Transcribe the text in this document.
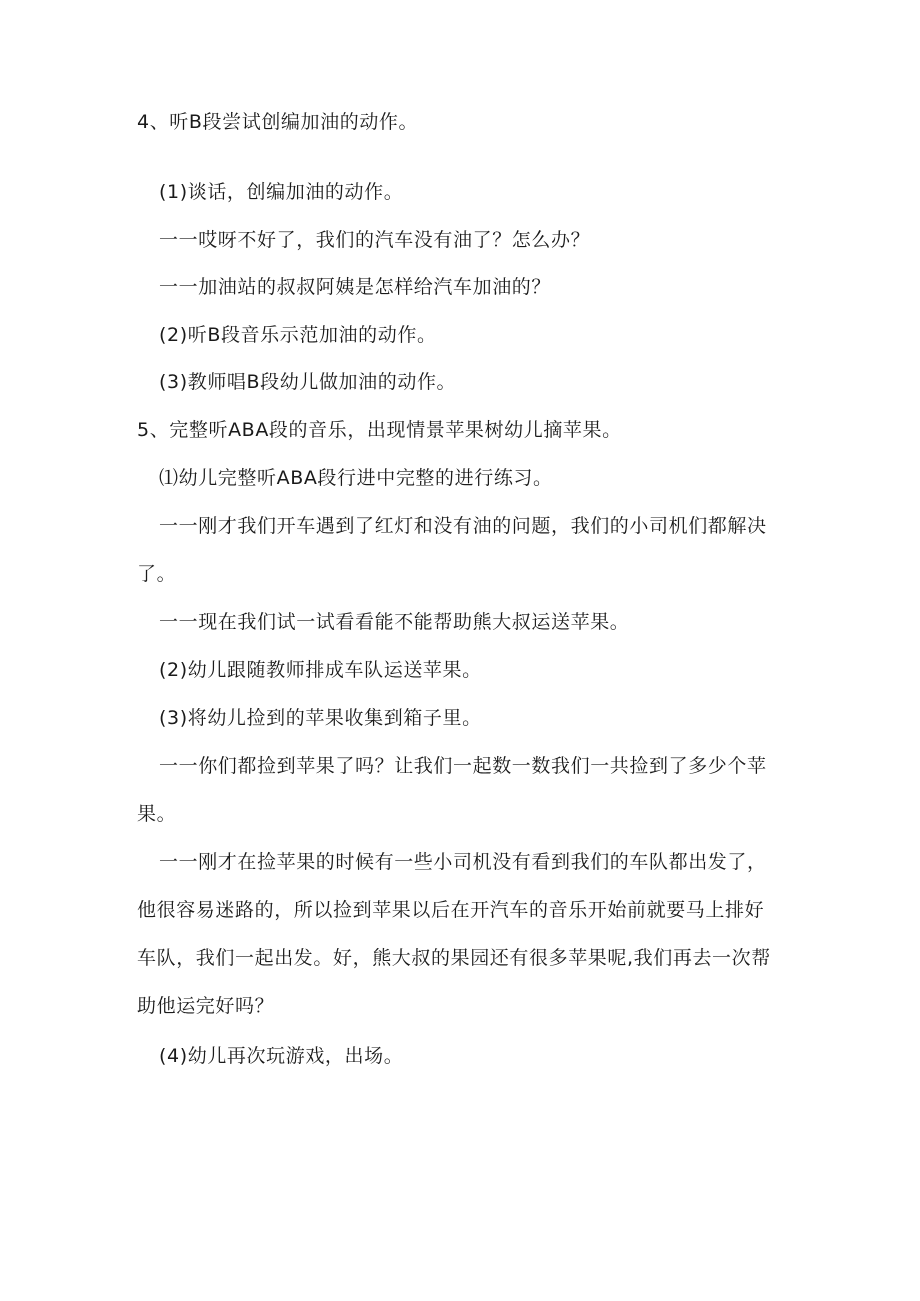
4、听B段尝试创编加油的动作。
(1)谈话，创编加油的动作。
一一哎呀不好了，我们的汽车没有油了？怎么办？
一一加油站的叔叔阿姨是怎样给汽车加油的？
(2)听B段音乐示范加油的动作。
(3)教师唱B段幼儿做加油的动作。
5、完整听ABA段的音乐，出现情景苹果树幼儿摘苹果。
⑴幼儿完整听ABA段行进中完整的进行练习。
一一刚才我们开车遇到了红灯和没有油的问题，我们的小司机们都解决
了。
一一现在我们试一试看看能不能帮助熊大叔运送苹果。
(2)幼儿跟随教师排成车队运送苹果。
(3)将幼儿捡到的苹果收集到箱子里。
一一你们都捡到苹果了吗？让我们一起数一数我们一共捡到了多少个苹
果。
一一刚才在捡苹果的时候有一些小司机没有看到我们的车队都出发了，
他很容易迷路的，所以捡到苹果以后在开汽车的音乐开始前就要马上排好
车队，我们一起出发。好，熊大叔的果园还有很多苹果呢,我们再去一次帮
助他运完好吗？
(4)幼儿再次玩游戏，出场。
